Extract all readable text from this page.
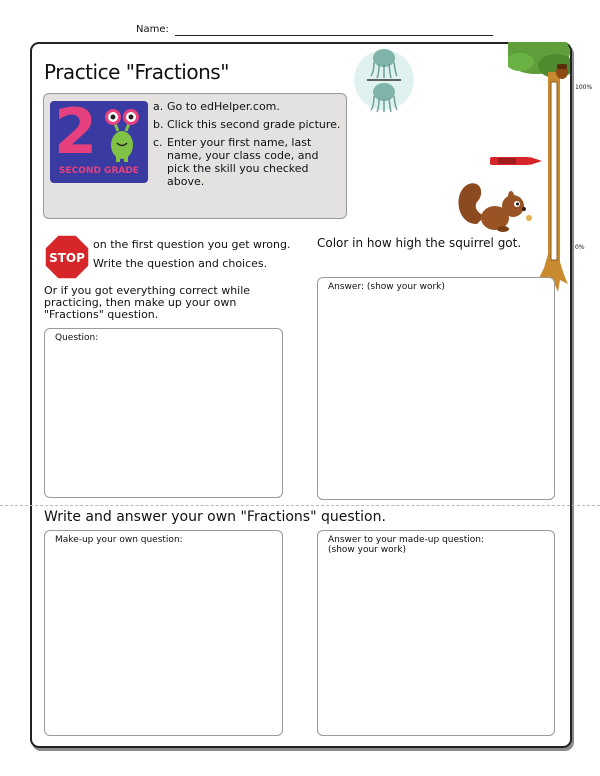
Name:
Practice "Fractions"
2
SECOND GRADE
a. Go to edHelper.com.
b. Click this second grade picture.
c. Enter your first name, last name, your class code, and pick the skill you checked above.
100%
0%
STOP
on the first question you get wrong.
Write the question and choices.
Or if you got everything correct while practicing, then make up your own "Fractions" question.
Color in how high the squirrel got.
Question:
Answer: (show your work)
Write and answer your own "Fractions" question.
Make-up your own question:	Answer to your made-up question:
(show your work)
